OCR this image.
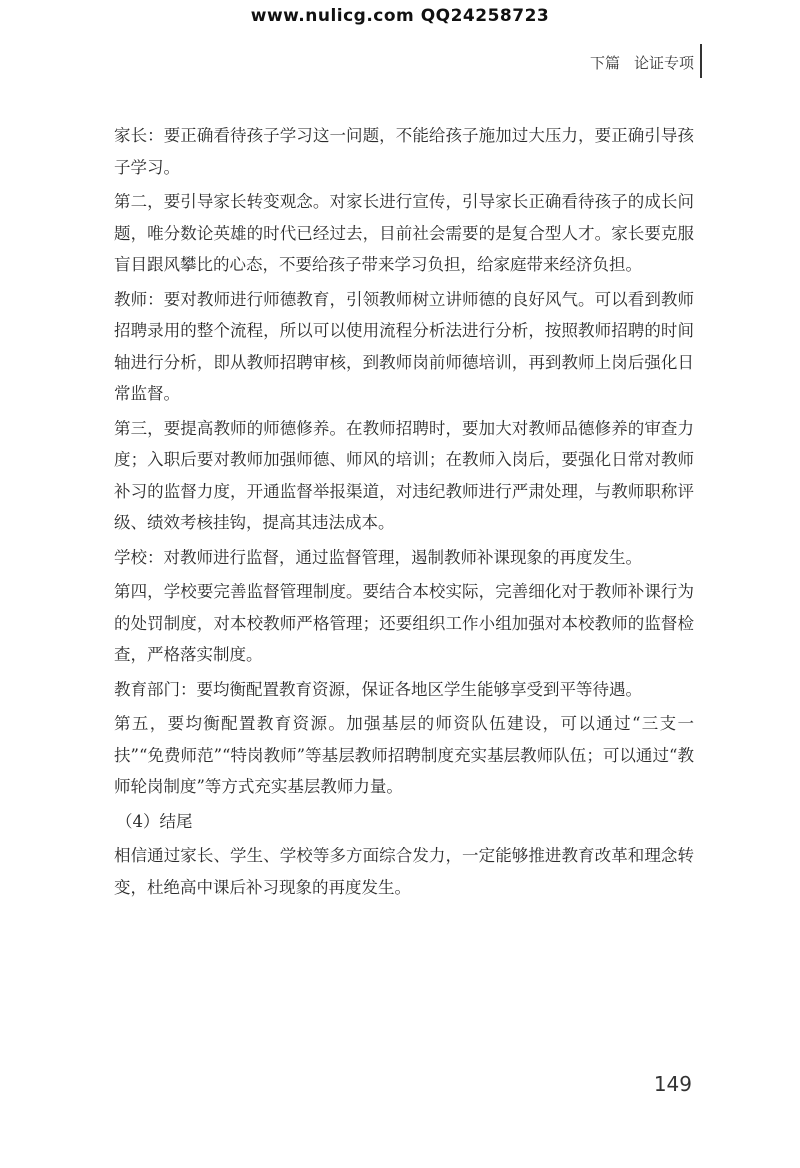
www.nulicg.com QQ24258723
下篇 论证专项

家长：要正确看待孩子学习这一问题，不能给孩子施加过大压力，要正确引导孩子学习。

第二，要引导家长转变观念。对家长进行宣传，引导家长正确看待孩子的成长问题，唯分数论英雄的时代已经过去，目前社会需要的是复合型人才。家长要克服盲目跟风攀比的心态，不要给孩子带来学习负担，给家庭带来经济负担。

教师：要对教师进行师德教育，引领教师树立讲师德的良好风气。可以看到教师招聘录用的整个流程，所以可以使用流程分析法进行分析，按照教师招聘的时间轴进行分析，即从教师招聘审核，到教师岗前师德培训，再到教师上岗后强化日常监督。

第三，要提高教师的师德修养。在教师招聘时，要加大对教师品德修养的审查力度；入职后要对教师加强师德、师风的培训；在教师入岗后，要强化日常对教师补习的监督力度，开通监督举报渠道，对违纪教师进行严肃处理，与教师职称评级、绩效考核挂钩，提高其违法成本。

学校：对教师进行监督，通过监督管理，遏制教师补课现象的再度发生。

第四，学校要完善监督管理制度。要结合本校实际，完善细化对于教师补课行为的处罚制度，对本校教师严格管理；还要组织工作小组加强对本校教师的监督检查，严格落实制度。

教育部门：要均衡配置教育资源，保证各地区学生能够享受到平等待遇。

第五，要均衡配置教育资源。加强基层的师资队伍建设，可以通过“三支一扶”“免费师范”“特岗教师”等基层教师招聘制度充实基层教师队伍；可以通过“教师轮岗制度”等方式充实基层教师力量。

（4）结尾

相信通过家长、学生、学校等多方面综合发力，一定能够推进教育改革和理念转变，杜绝高中课后补习现象的再度发生。

149
